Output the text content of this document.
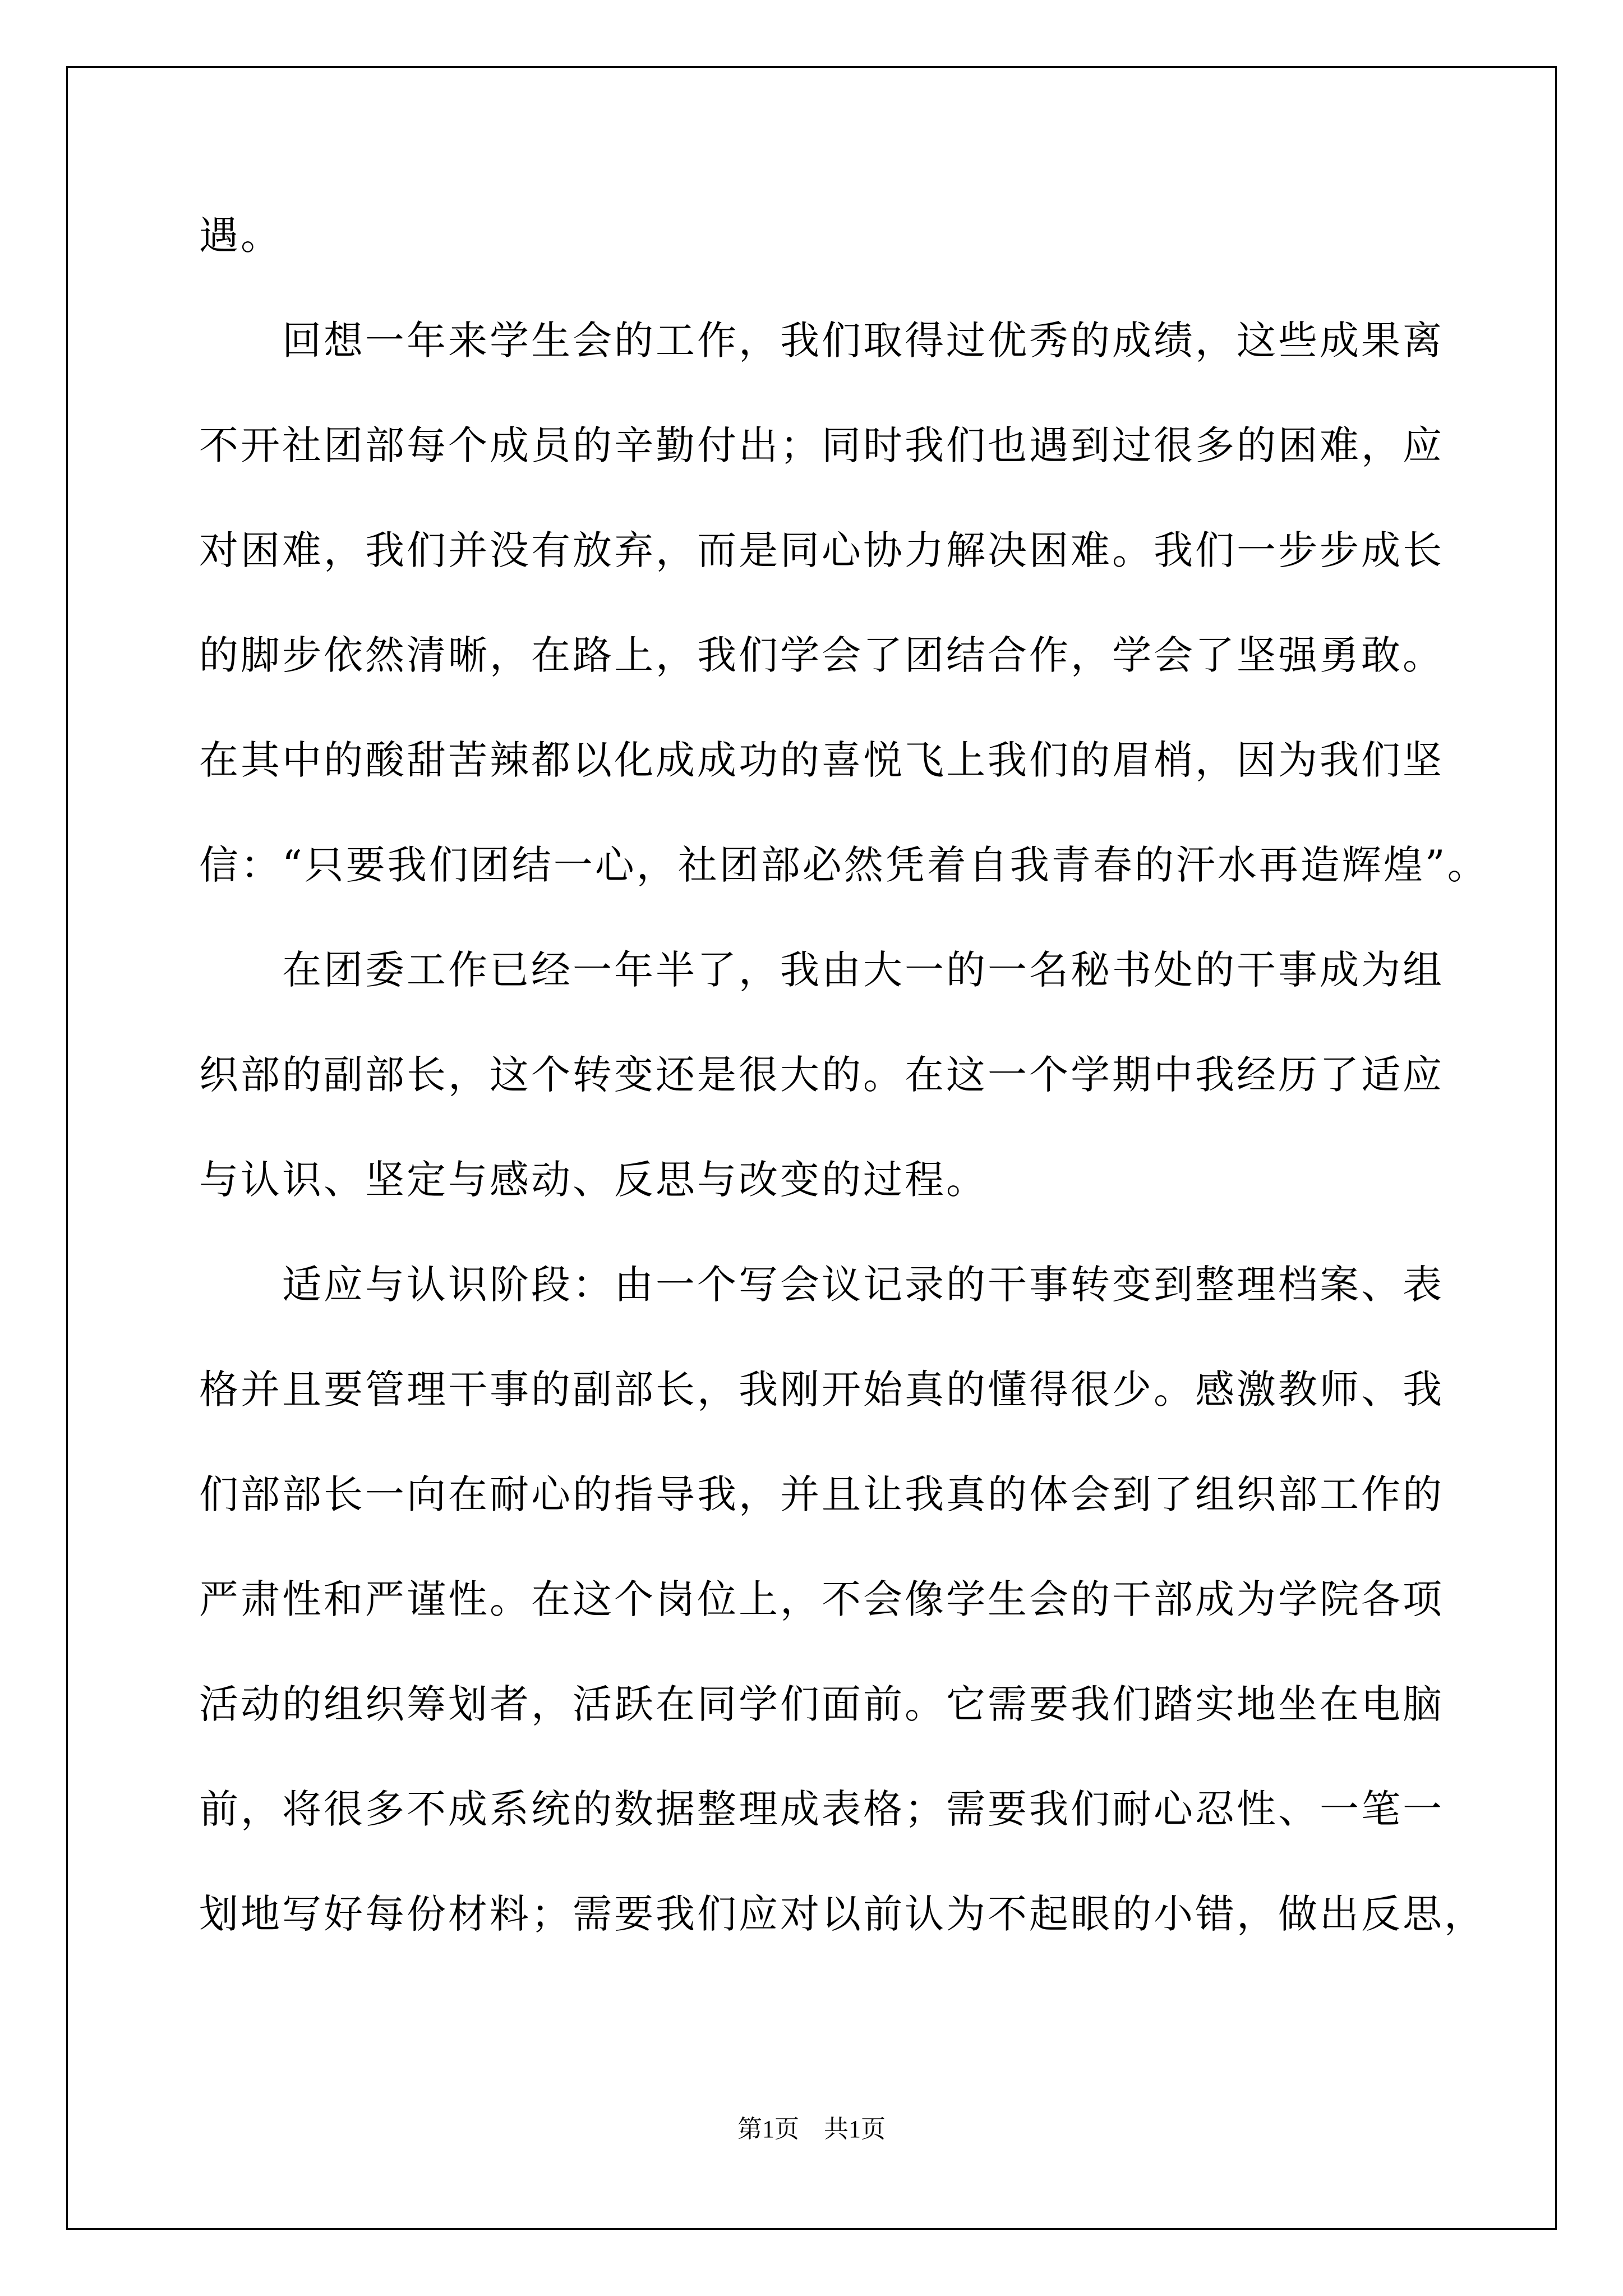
遇。
　　回想一年来学生会的工作，我们取得过优秀的成绩，这些成果离
不开社团部每个成员的辛勤付出；同时我们也遇到过很多的困难，应
对困难，我们并没有放弃，而是同心协力解决困难。我们一步步成长
的脚步依然清晰，在路上，我们学会了团结合作，学会了坚强勇敢。
在其中的酸甜苦辣都以化成成功的喜悦飞上我们的眉梢，因为我们坚
信：“只要我们团结一心，社团部必然凭着自我青春的汗水再造辉煌”。
　　在团委工作已经一年半了，我由大一的一名秘书处的干事成为组
织部的副部长，这个转变还是很大的。在这一个学期中我经历了适应
与认识、坚定与感动、反思与改变的过程。
　　适应与认识阶段：由一个写会议记录的干事转变到整理档案、表
格并且要管理干事的副部长，我刚开始真的懂得很少。感激教师、我
们部部长一向在耐心的指导我，并且让我真的体会到了组织部工作的
严肃性和严谨性。在这个岗位上，不会像学生会的干部成为学院各项
活动的组织筹划者，活跃在同学们面前。它需要我们踏实地坐在电脑
前，将很多不成系统的数据整理成表格；需要我们耐心忍性、一笔一
划地写好每份材料；需要我们应对以前认为不起眼的小错，做出反思，
第1页　共1页
